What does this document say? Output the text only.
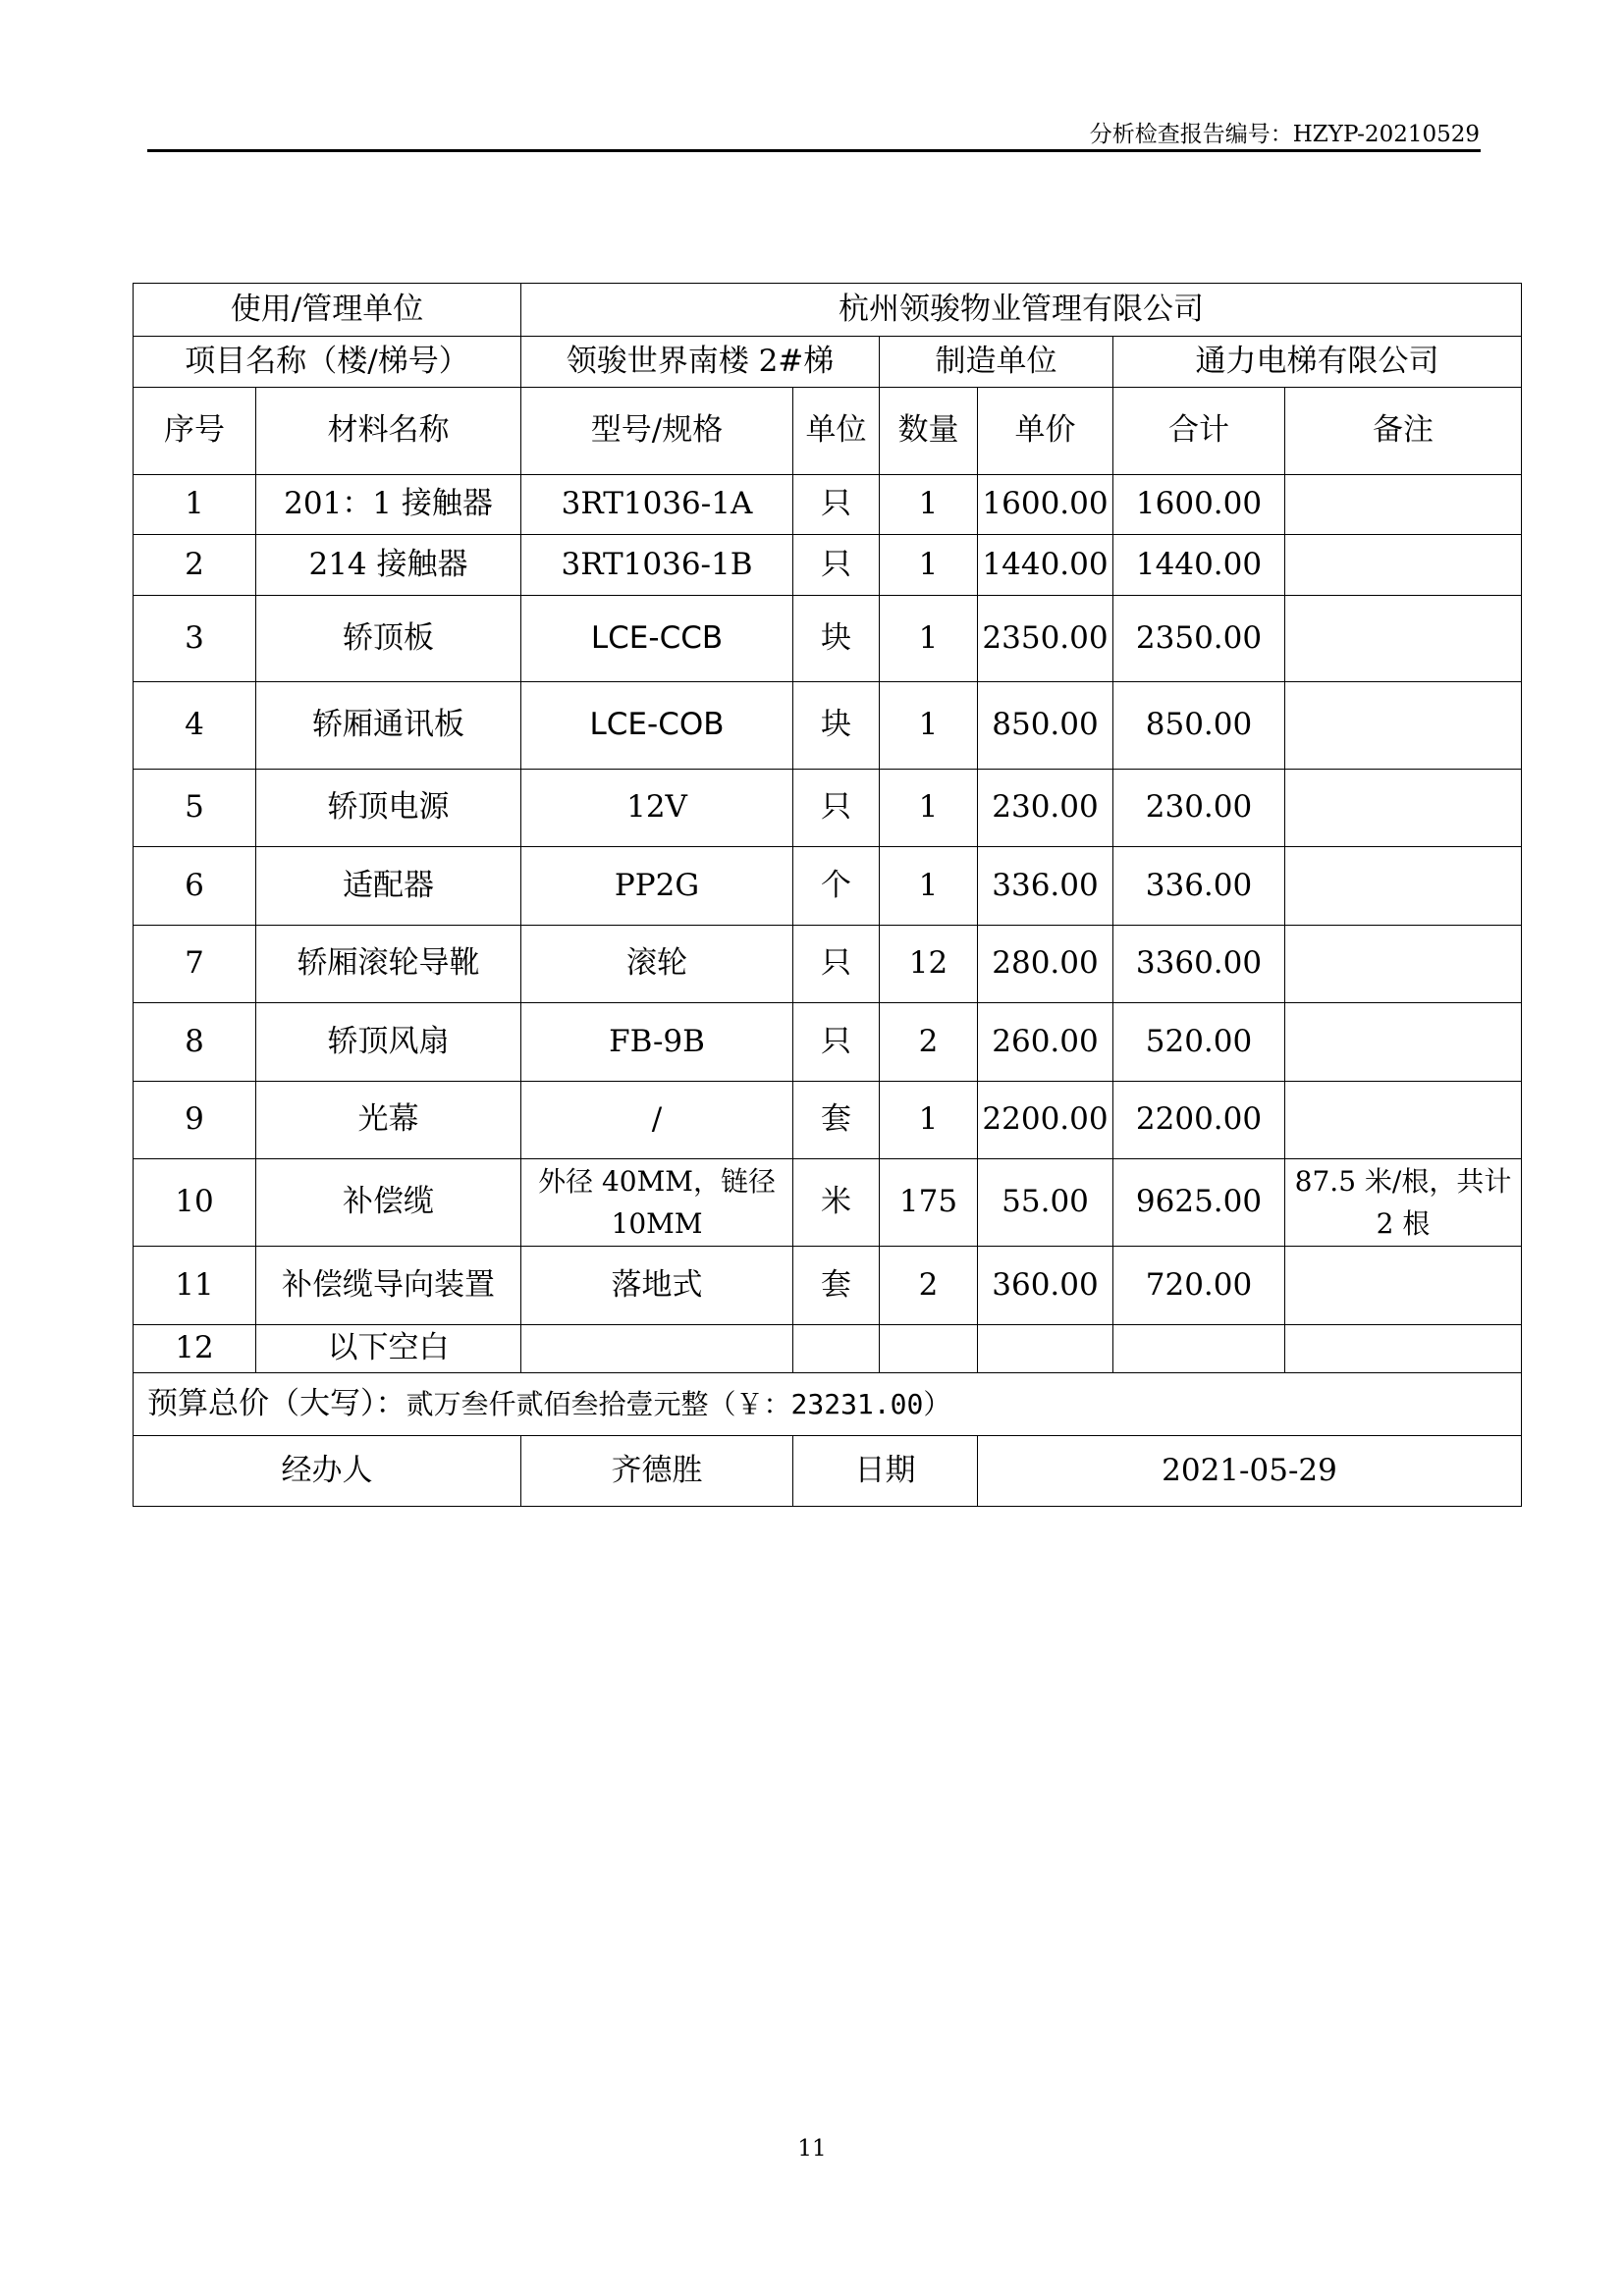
分析检查报告编号：HZYP-20210529
使用/管理单位		杭州领骏物业管理有限公司					
项目名称（楼/梯号）		领骏世界南楼 2#梯		制造单位		通力电梯有限公司	
序号	材料名称	型号/规格	单位	数量	单价	合计	备注
1	201：1 接触器	3RT1036-1A	只	1	1600.00	1600.00	
2	214 接触器	3RT1036-1B	只	1	1440.00	1440.00	
3	轿顶板	LCE-CCB	块	1	2350.00	2350.00	
4	轿厢通讯板	LCE-COB	块	1	850.00	850.00	
5	轿顶电源	12V	只	1	230.00	230.00	
6	适配器	PP2G	个	1	336.00	336.00	
7	轿厢滚轮导靴	滚轮	只	12	280.00	3360.00	
8	轿顶风扇	FB-9B	只	2	260.00	520.00	
9	光幕	/	套	1	2200.00	2200.00	
10	补偿缆	外径 40MM，链径 10MM	米	175	55.00	9625.00	87.5 米/根，共计 2 根
11	补偿缆导向装置	落地式	套	2	360.00	720.00	
12	以下空白						
预算总价（大写）：贰万叁仟贰佰叁拾壹元整（￥：23231.00）							
经办人		齐德胜	日期		2021-05-29		
11
